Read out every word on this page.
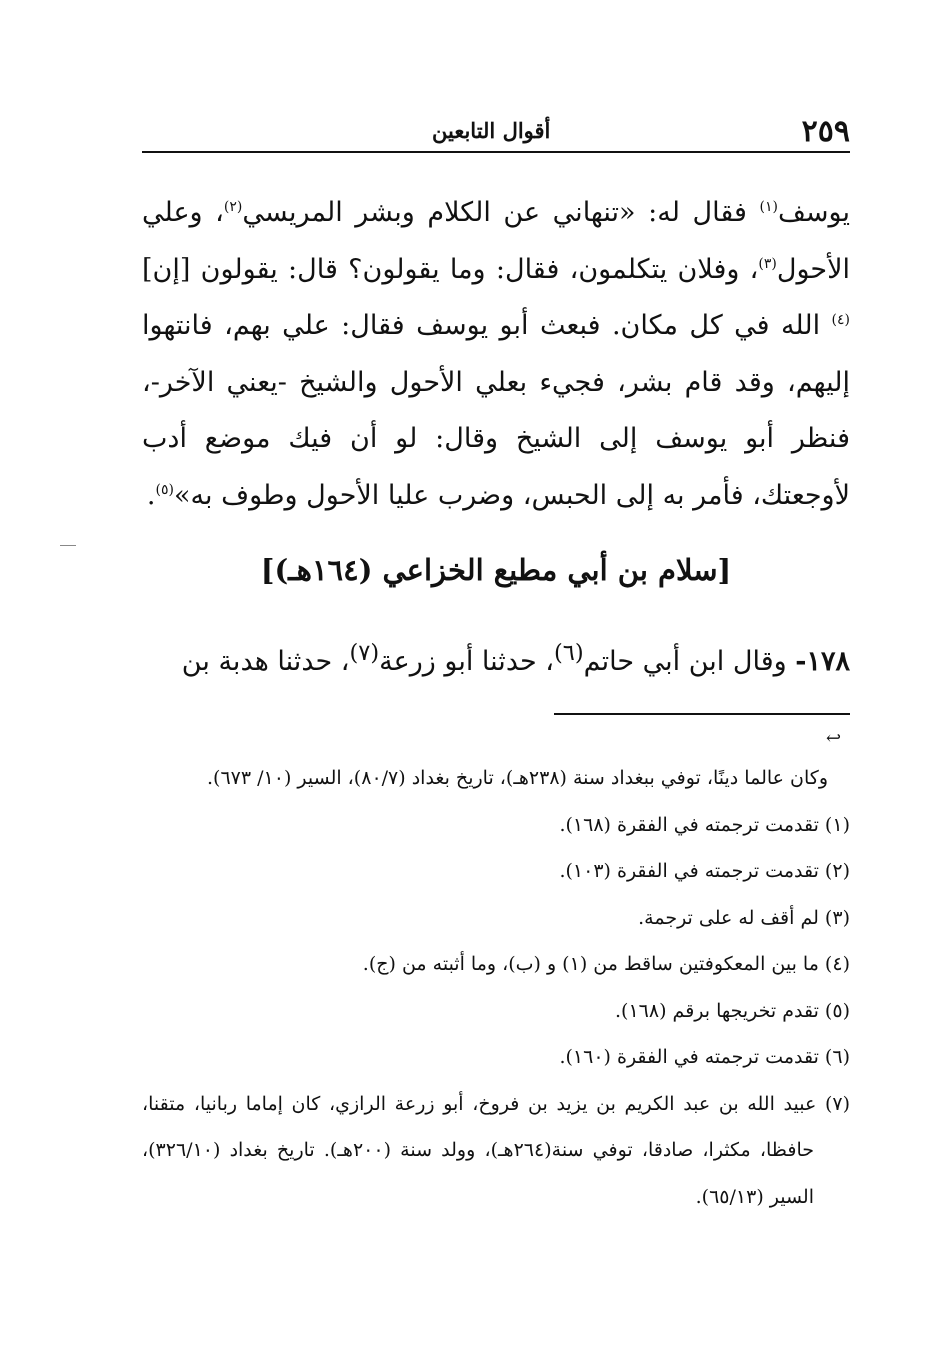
٢٥٩
أقوال التابعين

يوسف$^{(١)}$ فقال له: «تنهاني عن الكلام وبشر المريسي$^{(٢)}$، وعلي الأحول$^{(٣)}$، وفلان يتكلمون، فقال: وما يقولون؟ قال: يقولون [إن]$^{(٤)}$ الله في كل مكان. فبعث أبو يوسف فقال: علي بهم، فانتهوا إليهم، وقد قام بشر، فجيء بعلي الأحول والشيخ -يعني الآخر-، فنظر أبو يوسف إلى الشيخ وقال: لو أن فيك موضع أدب لأوجعتك، فأمر به إلى الحبس، وضرب عليا الأحول وطوف به»$^{(٥)}$.

[سلام بن أبي مطيع الخزاعي (١٦٤هـ)]
١٧٨- وقال ابن أبي حاتم$^{(٦)}$، حدثنا أبو زرعة$^{(٧)}$، حدثنا هدبة بن
↩

وكان عالما دينًا، توفي ببغداد سنة (٢٣٨هـ)، تاريخ بغداد (٨٠/٧)، السير (١٠/ ٦٧٣).

(١) تقدمت ترجمته في الفقرة (١٦٨).

(٢) تقدمت ترجمته في الفقرة (١٠٣).

(٣) لم أقف له على ترجمة.

(٤) ما بين المعكوفتين ساقط من (١) و (ب)، وما أثبته من (ج).

(٥) تقدم تخريجها برقم (١٦٨).

(٦) تقدمت ترجمته في الفقرة (١٦٠).

(٧) عبيد الله بن عبد الكريم بن يزيد بن فروخ، أبو زرعة الرازي، كان إماما ربانيا، متقنا، حافظا، مكثرا، صادقا، توفي سنة(٢٦٤هـ)، وولد سنة (٢٠٠هـ). تاريخ بغداد (٣٢٦/١٠)، السير (٦٥/١٣).
